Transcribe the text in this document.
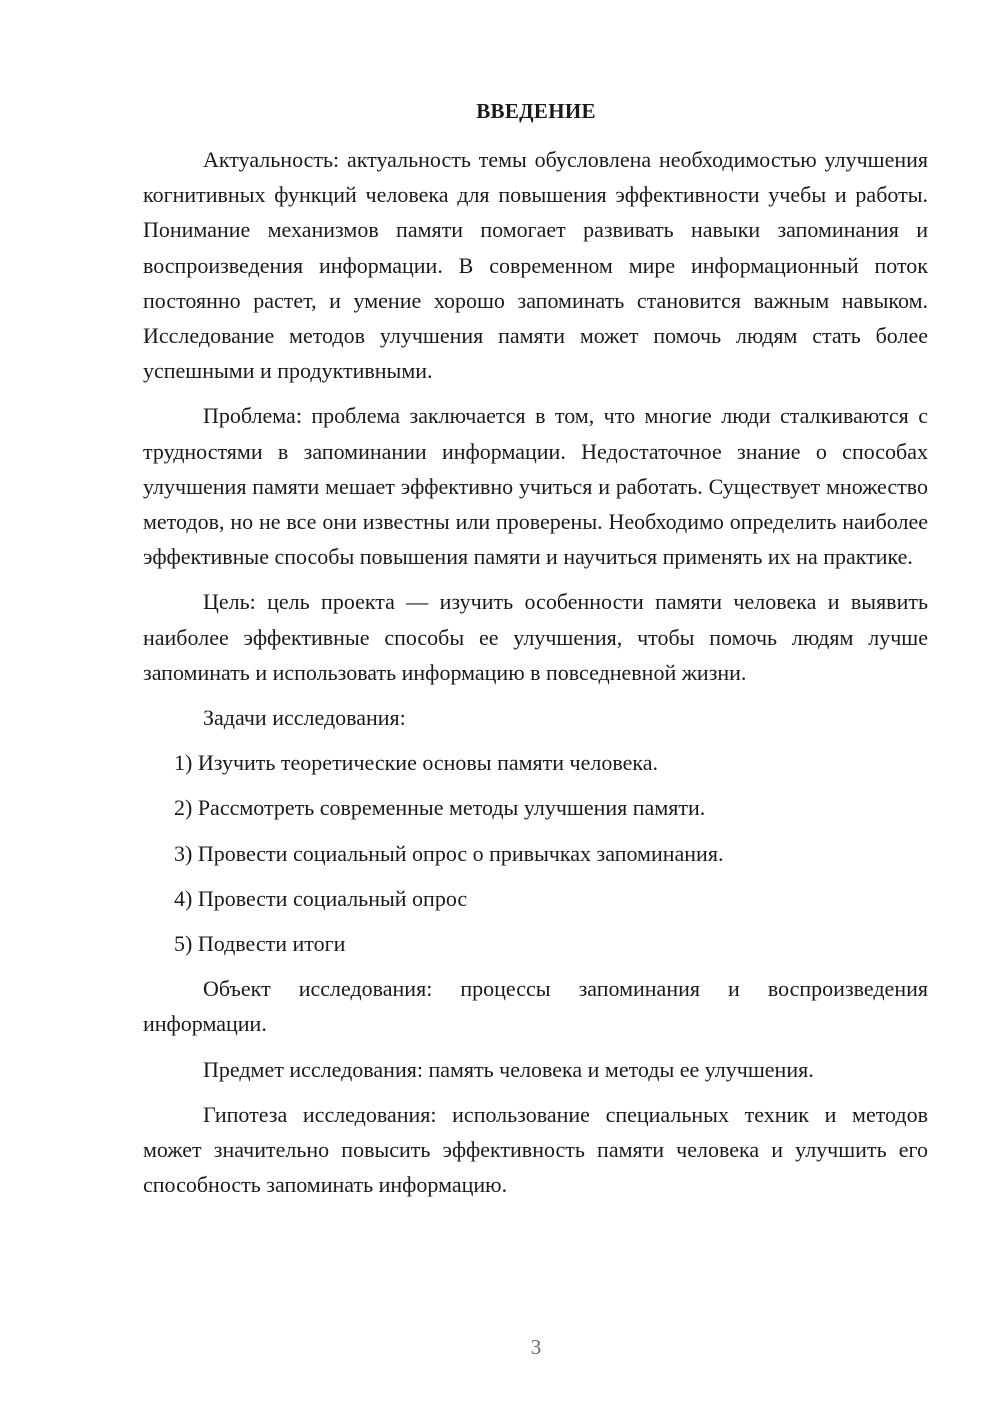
ВВЕДЕНИЕ

Актуальность: актуальность темы обусловлена необходимостью улучшения когнитивных функций человека для повышения эффективности учебы и работы. Понимание механизмов памяти помогает развивать навыки запоминания и воспроизведения информации. В современном мире информационный поток постоянно растет, и умение хорошо запоминать становится важным навыком. Исследование методов улучшения памяти может помочь людям стать более успешными и продуктивными.

Проблема: проблема заключается в том, что многие люди сталкиваются с трудностями в запоминании информации. Недостаточное знание о способах улучшения памяти мешает эффективно учиться и работать. Существует множество методов, но не все они известны или проверены. Необходимо определить наиболее эффективные способы повышения памяти и научиться применять их на практике.

Цель: цель проекта — изучить особенности памяти человека и выявить наиболее эффективные способы ее улучшения, чтобы помочь людям лучше запоминать и использовать информацию в повседневной жизни.

Задачи исследования:

1) Изучить теоретические основы памяти человека.

2) Рассмотреть современные методы улучшения памяти.

3) Провести социальный опрос о привычках запоминания.

4) Провести социальный опрос

5) Подвести итоги

Объект исследования: процессы запоминания и воспроизведения информации.

Предмет исследования: память человека и методы ее улучшения.

Гипотеза исследования: использование специальных техник и методов может значительно повысить эффективность памяти человека и улучшить его способность запоминать информацию.

3
